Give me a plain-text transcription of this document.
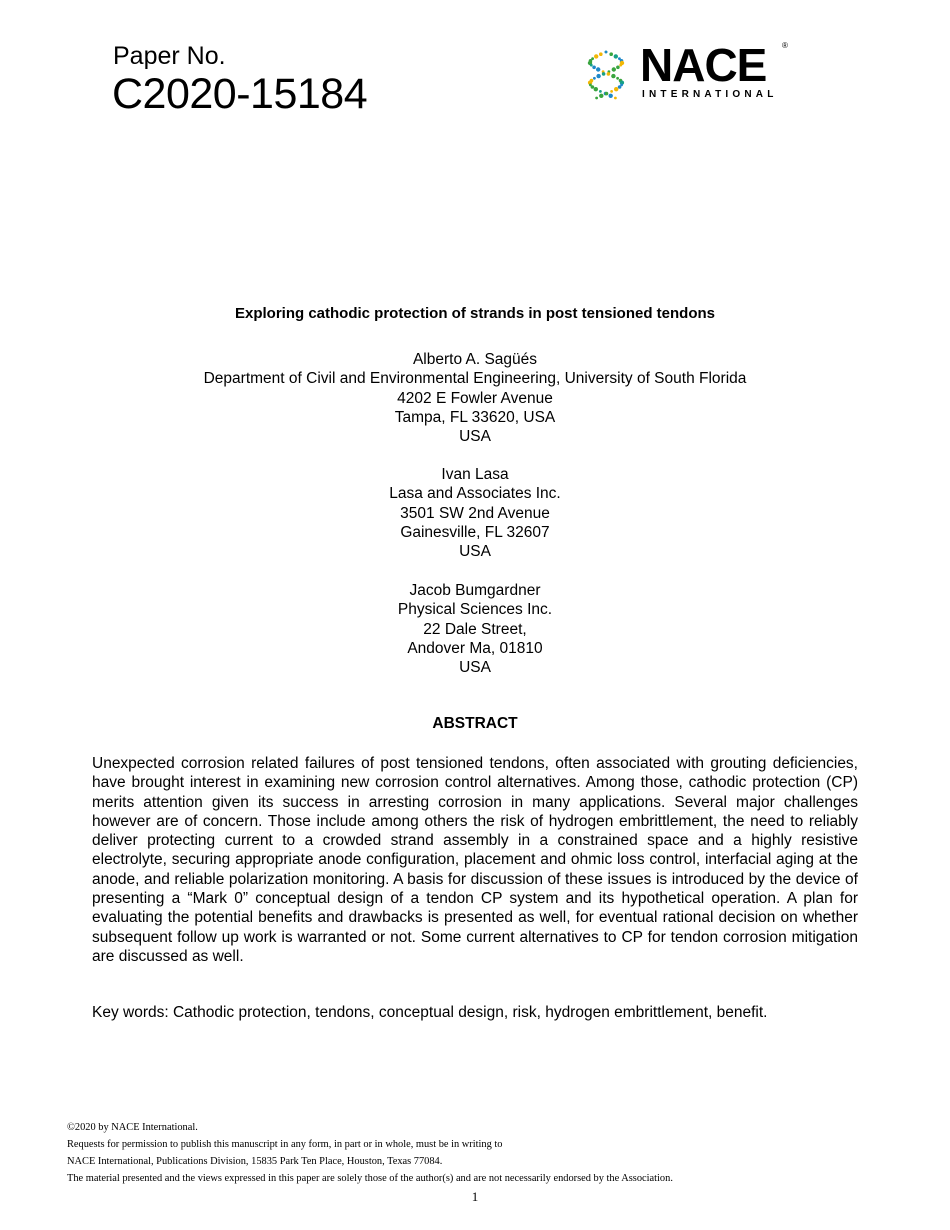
Paper No.
C2020-15184
NACE ®
INTERNATIONAL
Exploring cathodic protection of strands in post tensioned tendons
Alberto A. Sagüés
Department of Civil and Environmental Engineering, University of South Florida
4202 E Fowler Avenue
Tampa, FL 33620, USA
USA
Ivan Lasa
Lasa and Associates Inc.
3501 SW 2nd Avenue
Gainesville, FL 32607
USA
Jacob Bumgardner
Physical Sciences Inc.
22 Dale Street,
Andover Ma, 01810
USA
ABSTRACT

Unexpected corrosion related failures of post tensioned tendons, often associated with grouting deficiencies, have brought interest in examining new corrosion control alternatives. Among those, cathodic protection (CP) merits attention given its success in arresting corrosion in many applications. Several major challenges however are of concern. Those include among others the risk of hydrogen embrittlement, the need to reliably deliver protecting current to a crowded strand assembly in a constrained space and a highly resistive electrolyte, securing appropriate anode configuration, placement and ohmic loss control, interfacial aging at the anode, and reliable polarization monitoring. A basis for discussion of these issues is introduced by the device of presenting a “Mark 0” conceptual design of a tendon CP system and its hypothetical operation. A plan for evaluating the potential benefits and drawbacks is presented as well, for eventual rational decision on whether subsequent follow up work is warranted or not. Some current alternatives to CP for tendon corrosion mitigation are discussed as well.

Key words: Cathodic protection, tendons, conceptual design, risk, hydrogen embrittlement, benefit.

©2020 by NACE International.
Requests for permission to publish this manuscript in any form, in part or in whole, must be in writing to
NACE International, Publications Division, 15835 Park Ten Place, Houston, Texas 77084.
The material presented and the views expressed in this paper are solely those of the author(s) and are not necessarily endorsed by the Association.
1
